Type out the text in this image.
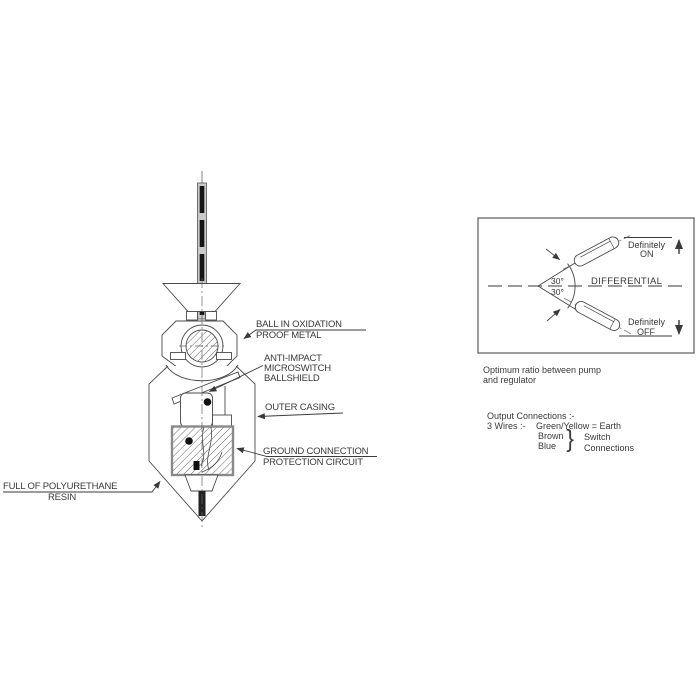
BALL IN OXIDATION
PROOF METAL
ANTI-IMPACT
MICROSWITCH
BALLSHIELD
OUTER CASING
GROUND CONNECTION
PROTECTION CIRCUIT
FULL OF POLYURETHANE
RESIN
30°
30°
DIFFERENTIAL
Definitely
ON
Definitely
OFF
Optimum ratio between pump
and regulator
Output Connections :-
3 Wires :- Green/Yellow = Earth
Brown
Blue } Switch
Connections
